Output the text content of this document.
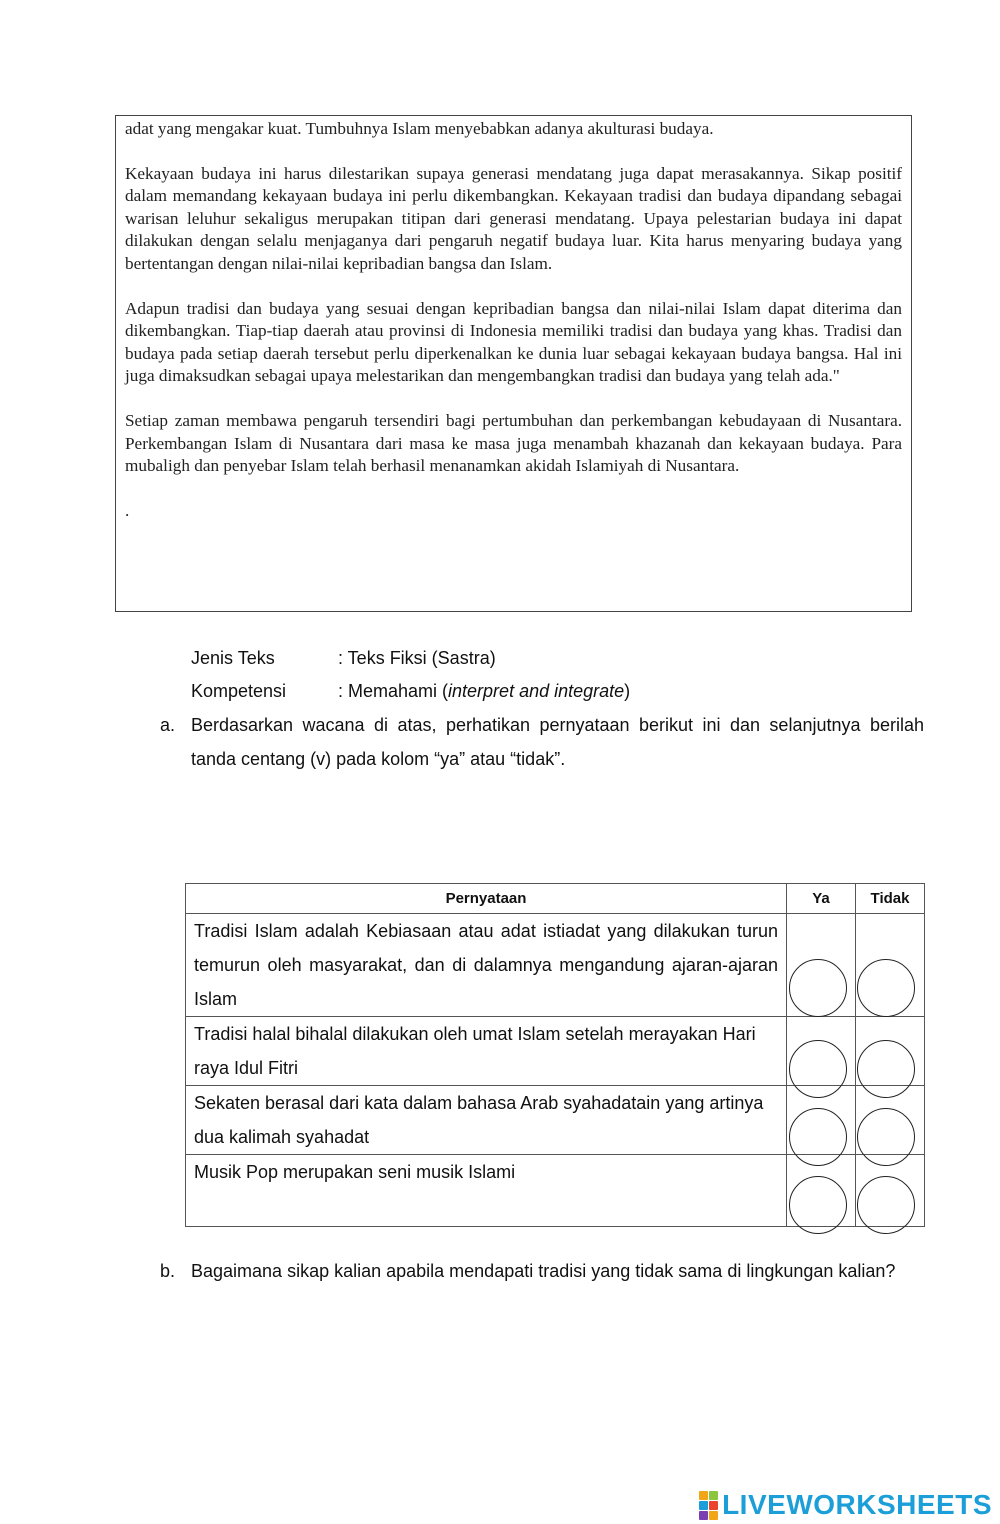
adat yang mengakar kuat. Tumbuhnya Islam menyebabkan adanya akulturasi budaya.

Kekayaan budaya ini harus dilestarikan supaya generasi mendatang juga dapat merasakannya. Sikap positif dalam memandang kekayaan budaya ini perlu dikembangkan. Kekayaan tradisi dan budaya dipandang sebagai warisan leluhur sekaligus merupakan titipan dari generasi mendatang. Upaya pelestarian budaya ini dapat dilakukan dengan selalu menjaganya dari pengaruh negatif budaya luar. Kita harus menyaring budaya yang bertentangan dengan nilai-nilai kepribadian bangsa dan Islam.

Adapun tradisi dan budaya yang sesuai dengan kepribadian bangsa dan nilai-nilai Islam dapat diterima dan dikembangkan. Tiap-tiap daerah atau provinsi di Indonesia memiliki tradisi dan budaya yang khas. Tradisi dan budaya pada setiap daerah tersebut perlu diperkenalkan ke dunia luar sebagai kekayaan budaya bangsa. Hal ini juga dimaksudkan sebagai upaya melestarikan dan mengembangkan tradisi dan budaya yang telah ada."

Setiap zaman membawa pengaruh tersendiri bagi pertumbuhan dan perkembangan kebudayaan di Nusantara. Perkembangan Islam di Nusantara dari masa ke masa juga menambah khazanah dan kekayaan budaya. Para mubaligh dan penyebar Islam telah berhasil menanamkan akidah Islamiyah di Nusantara.

.

Jenis Teks	: Teks Fiksi (Sastra)
Kompetensi	: Memahami (interpret and integrate)
a. Berdasarkan wacana di atas, perhatikan pernyataan berikut ini dan selanjutnya berilah tanda centang (v) pada kolom “ya” atau “tidak”.
Pernyataan	Ya	Tidak

Tradisi Islam adalah Kebiasaan atau adat istiadat yang dilakukan turun temurun oleh masyarakat, dan di dalamnya mengandung ajaran-ajaran Islam		

Tradisi halal bihalal dilakukan oleh umat Islam setelah merayakan Hari raya Idul Fitri		
Sekaten berasal dari kata dalam bahasa Arab syahadatain yang artinya dua kalimah syahadat		
Musik Pop merupakan seni musik Islami		
b. Bagaimana sikap kalian apabila mendapati tradisi yang tidak sama di lingkungan kalian?
LIVEWORKSHEETS
